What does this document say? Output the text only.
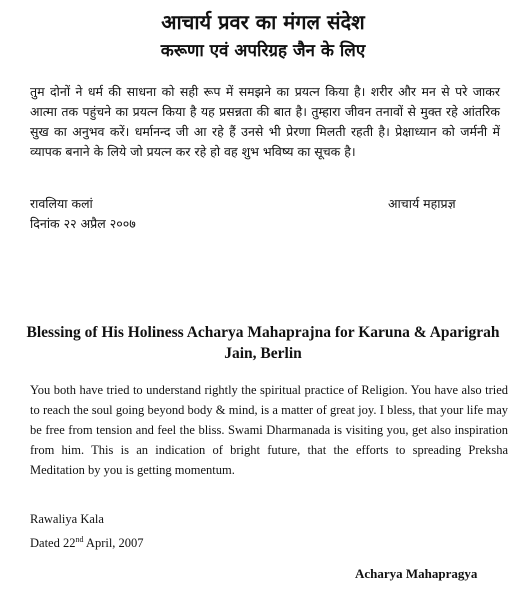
आचार्य प्रवर का मंगल संदेश
करूणा एवं अपरिग्रह जैन के लिए
तुम दोनों ने धर्म की साधना को सही रूप में समझने का प्रयत्न किया है। शरीर और मन से परे जाकर आत्मा तक पहुंचने का प्रयत्न किया है यह प्रसन्नता की बात है। तुम्हारा जीवन तनावों से मुक्त रहे आंतरिक सुख का अनुभव करें। धर्मानन्द जी आ रहे हैं उनसे भी प्रेरणा मिलती रहती है। प्रेक्षाध्यान को जर्मनी में व्यापक बनाने के लिये जो प्रयत्न कर रहे हो वह शुभ भविष्य का सूचक है।
रावलिया कलां
दिनांक २२ अप्रैल २००७
आचार्य महाप्रज्ञ
Blessing of His Holiness Acharya Mahaprajna for Karuna & Aparigrah Jain, Berlin
You both have tried to understand rightly the spiritual practice of Religion. You have also tried to reach the soul going beyond body & mind, is a matter of great joy. I bless, that your life may be free from tension and feel the bliss. Swami Dharmanada is visiting you, get also inspiration from him. This is an indication of bright future, that the efforts to spreading Preksha Meditation by you is getting momentum.
Rawaliya Kala
Dated 22nd April, 2007
Acharya Mahapragya
